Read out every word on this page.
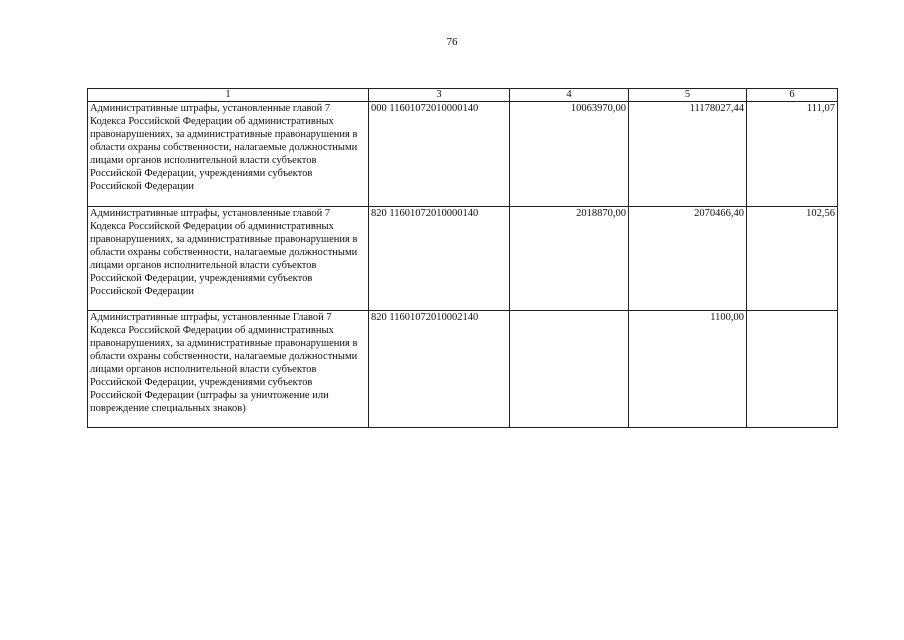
76
1	3	4	5	6
Административные штрафы, установленные главой 7 Кодекса Российской Федерации об административных правонарушениях, за административные правонарушения в области охраны собственности, налагаемые должностными лицами органов исполнительной власти субъектов Российской Федерации, учреждениями субъектов Российской Федерации	000 11601072010000140	10063970,00	11178027,44	111,07
Административные штрафы, установленные главой 7 Кодекса Российской Федерации об административных правонарушениях, за административные правонарушения в области охраны собственности, налагаемые должностными лицами органов исполнительной власти субъектов Российской Федерации, учреждениями субъектов Российской Федерации	820 11601072010000140	2018870,00	2070466,40	102,56
Административные штрафы, установленные Главой 7 Кодекса Российской Федерации об административных правонарушениях, за административные правонарушения в области охраны собственности, налагаемые должностными лицами органов исполнительной власти субъектов Российской Федерации, учреждениями субъектов Российской Федерации (штрафы за уничтожение или повреждение специальных знаков)	820 11601072010002140		1100,00	
